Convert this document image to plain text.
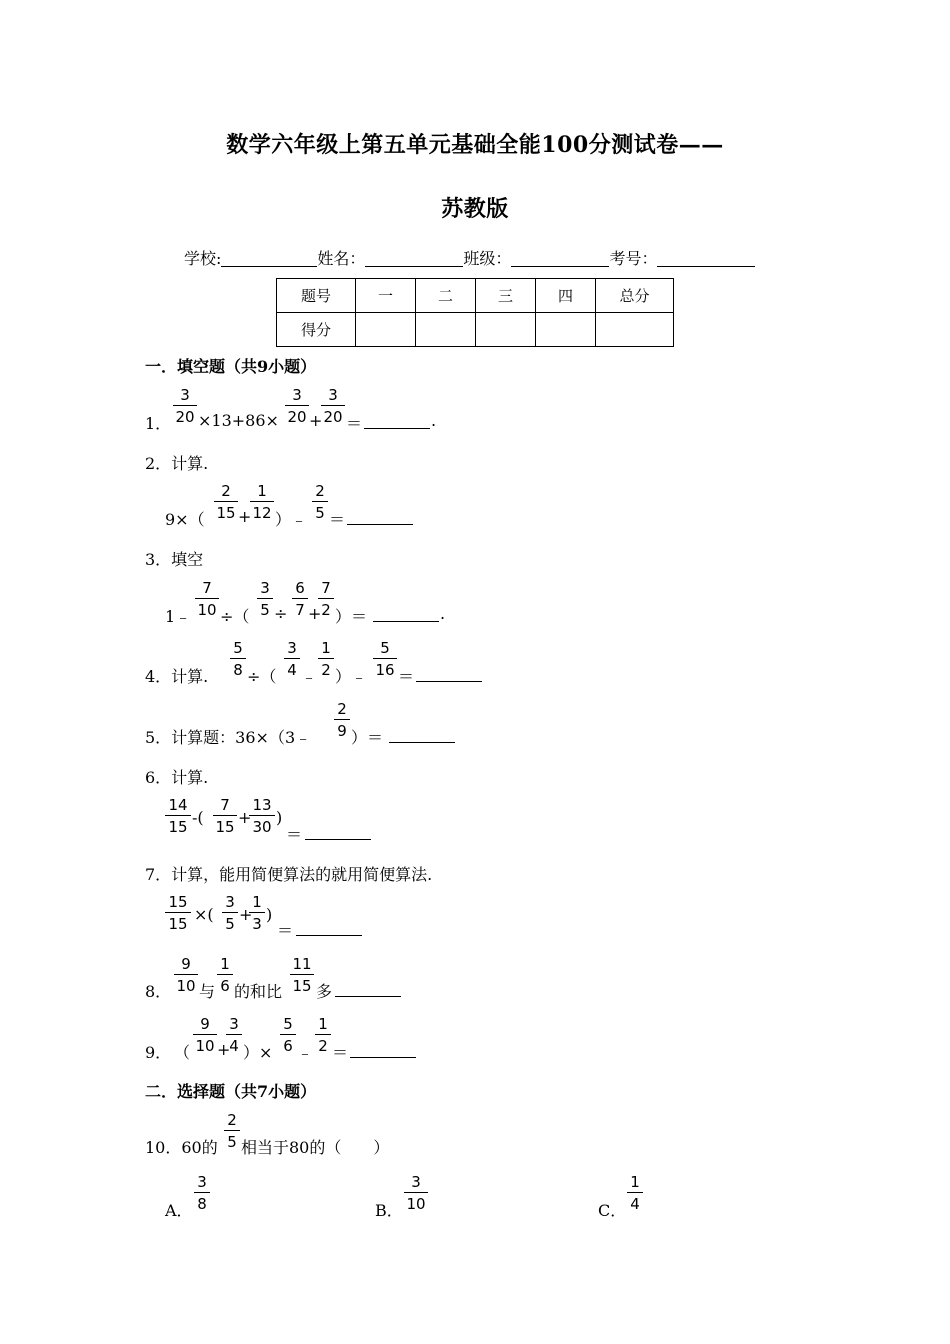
数学六年级上第五单元基础全能100分测试卷——
苏教版
学校:	姓名：	班级：	考号：
题号	一	二	三	四	总分
得分					
一．填空题（共9小题）
1．
3
20 ×13+86×
3
20 +
3
20 ＝	.
2．计算.
9×（
2
15 +
1
12 ）﹣
2
5 ＝
3．填空
1﹣
7
10 ÷（
3
5 ÷
6
7 +
7
2 ）＝	.
4．计算.
5
8 ÷（
3
4 ﹣
1
2 ）﹣
5
16 ＝
5．计算题：36×（3﹣
2
9 ）＝
6．计算.
14
15 -(
7
15 +
13
30 )
＝
7．计算，能用简便算法的就用简便算法.
15
15 ×(
3
5 +
1
3 )
＝
8．
9
10 与
1
6 的和比
11
15 多
9． （
9
10 +
3
4 ）×
5
6 ﹣
1
2 ＝
二．选择题（共7小题）
10．60的
2
5 相当于80的（　　）
A．
3
8	B．
3
10	C．
1
4
